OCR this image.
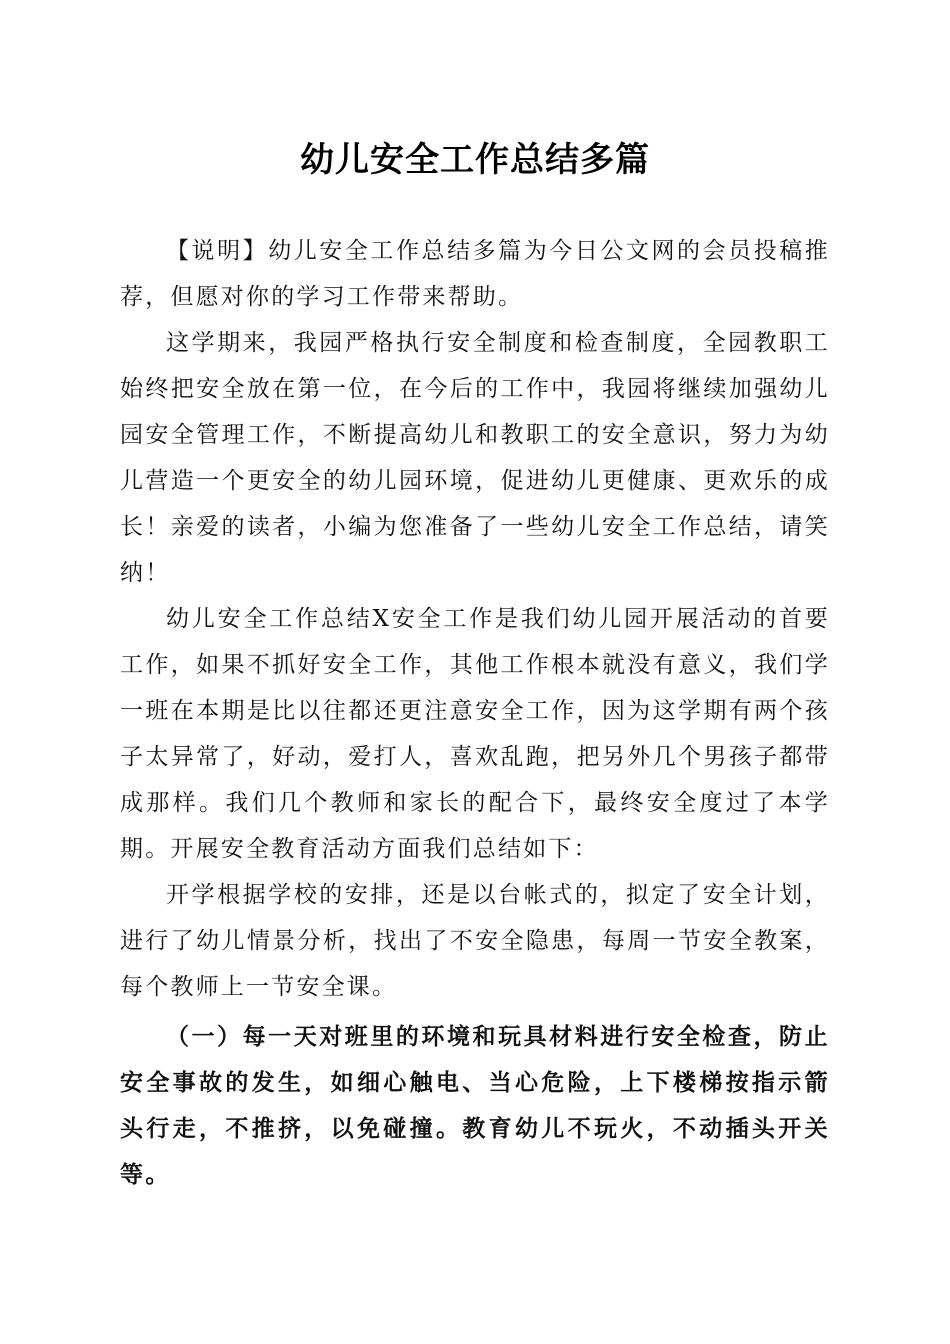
幼儿安全工作总结多篇

【说明】幼儿安全工作总结多篇为今日公文网的会员投稿推荐，但愿对你的学习工作带来帮助。

这学期来，我园严格执行安全制度和检查制度，全园教职工始终把安全放在第一位，在今后的工作中，我园将继续加强幼儿园安全管理工作，不断提高幼儿和教职工的安全意识，努力为幼儿营造一个更安全的幼儿园环境，促进幼儿更健康、更欢乐的成长！亲爱的读者，小编为您准备了一些幼儿安全工作总结，请笑纳！

幼儿安全工作总结X安全工作是我们幼儿园开展活动的首要工作，如果不抓好安全工作，其他工作根本就没有意义，我们学一班在本期是比以往都还更注意安全工作，因为这学期有两个孩子太异常了，好动，爱打人，喜欢乱跑，把另外几个男孩子都带成那样。我们几个教师和家长的配合下，最终安全度过了本学期。开展安全教育活动方面我们总结如下：

开学根据学校的安排，还是以台帐式的，拟定了安全计划，进行了幼儿情景分析，找出了不安全隐患，每周一节安全教案，每个教师上一节安全课。

（一）每一天对班里的环境和玩具材料进行安全检查，防止安全事故的发生，如细心触电、当心危险，上下楼梯按指示箭头行走，不推挤，以免碰撞。教育幼儿不玩火，不动插头开关等。
